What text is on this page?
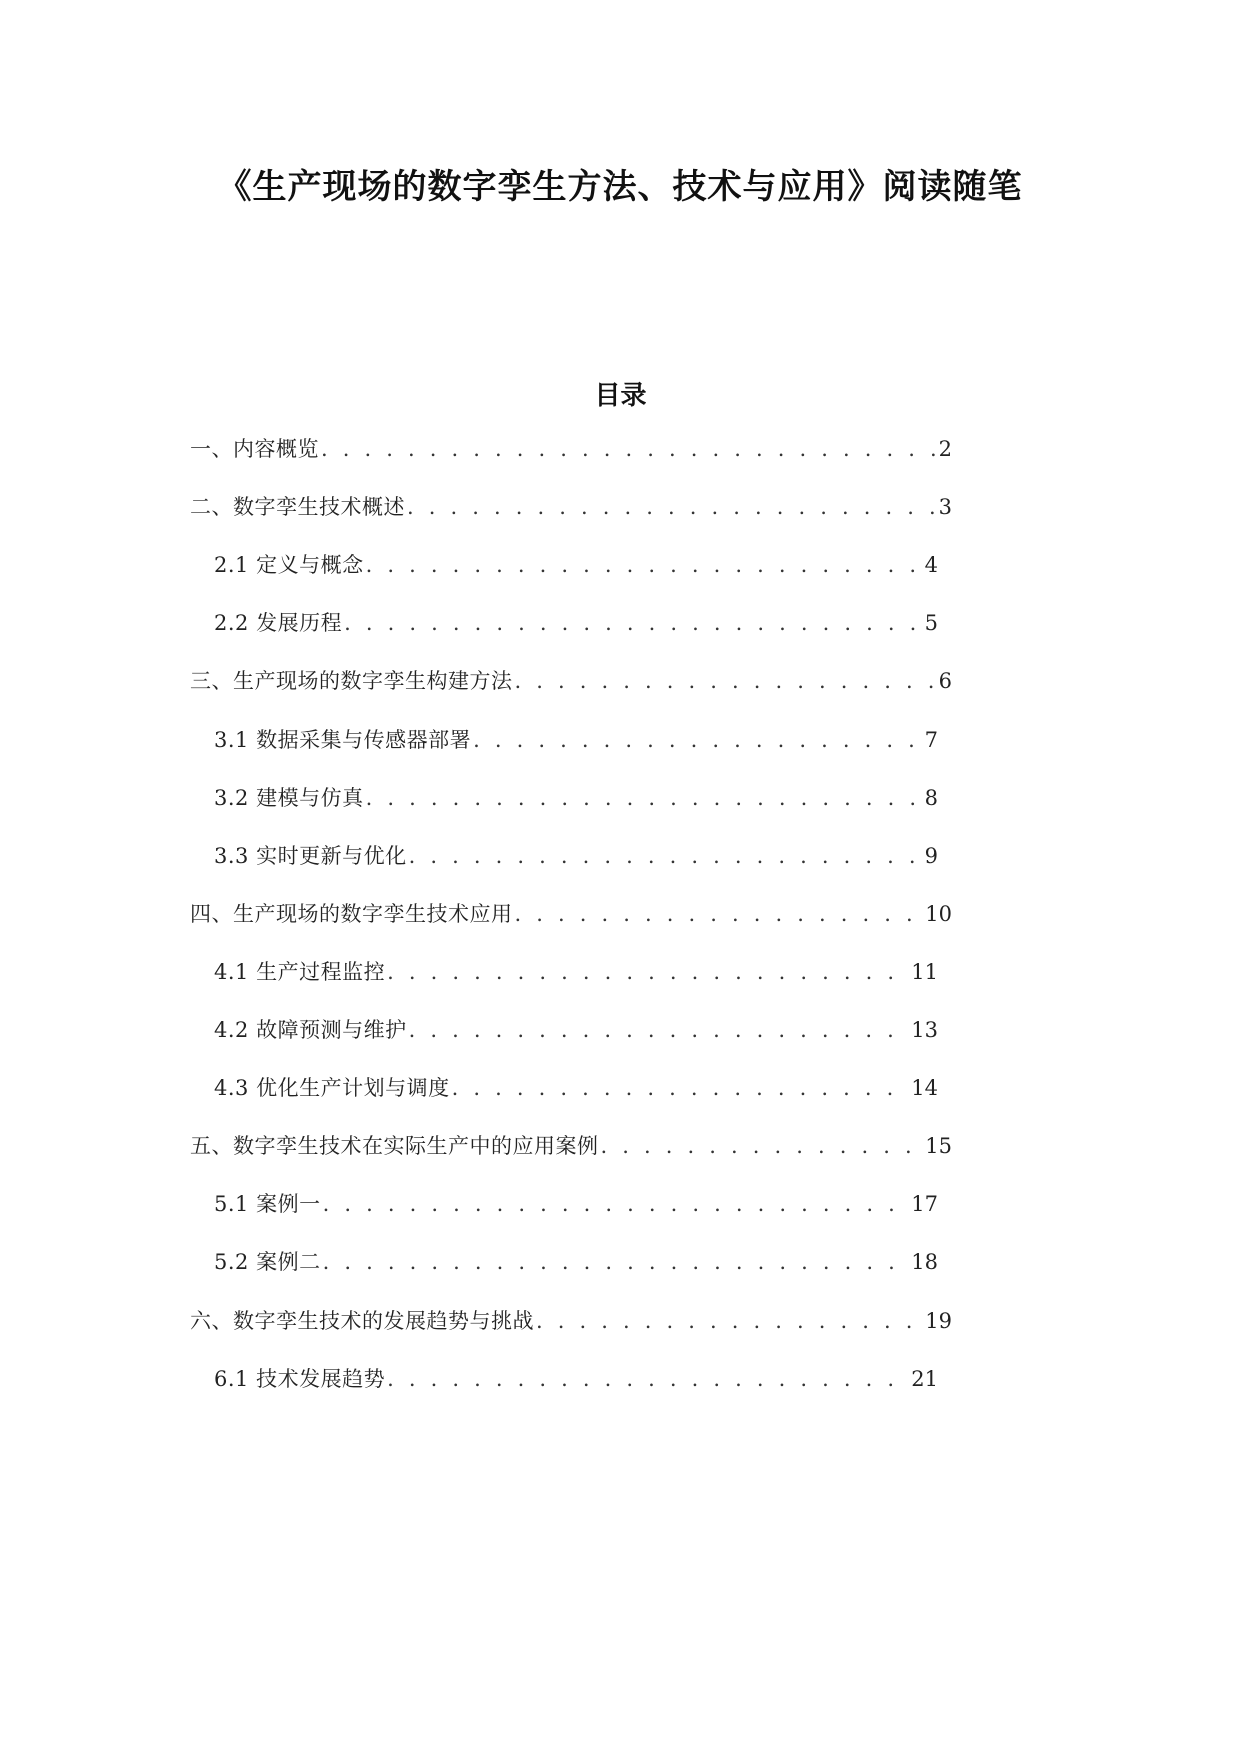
《生产现场的数字孪生方法、技术与应用》阅读随笔
目录
一、内容概览 . . .	2
二、数字孪生技术概述 . . .	3
2.1 定义与概念 . . .	4
2.2 发展历程 . . .	5
三、生产现场的数字孪生构建方法 . . .	6
3.1 数据采集与传感器部署 . . .	7
3.2 建模与仿真 . . .	8
3.3 实时更新与优化 . . .	9
四、生产现场的数字孪生技术应用 . . .	10
4.1 生产过程监控 . . .	11
4.2 故障预测与维护 . . .	13
4.3 优化生产计划与调度 . . .	14
五、数字孪生技术在实际生产中的应用案例 . . .	15
5.1 案例一 . . .	17
5.2 案例二 . . .	18
六、数字孪生技术的发展趋势与挑战 . . .	19
6.1 技术发展趋势 . . .	21
